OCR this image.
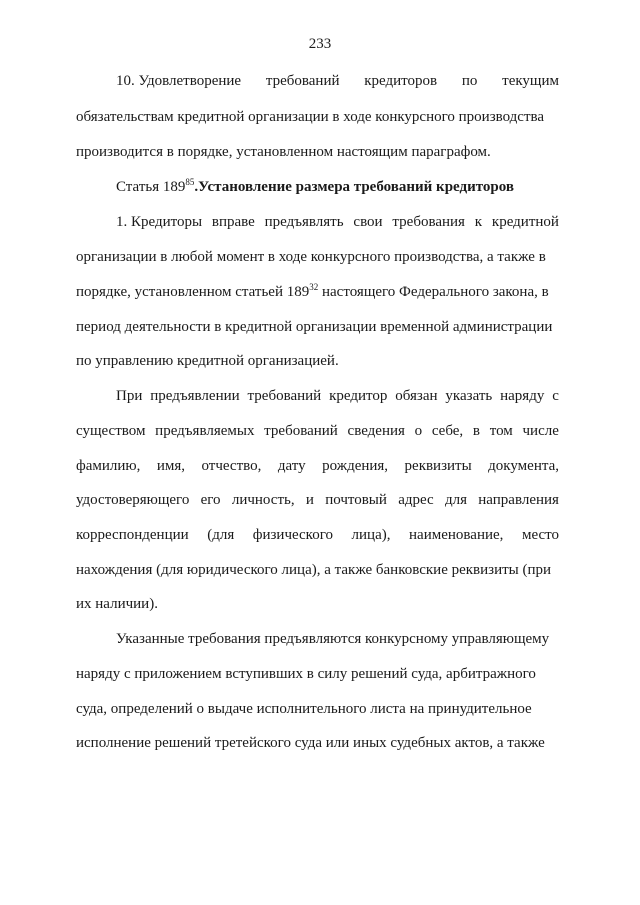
233
10. Удовлетворение требований кредиторов по текущим
обязательствам кредитной организации в ходе конкурсного производства
производится в порядке, установленном настоящим параграфом.
Статья $189^{85}.Установление$ размера требований кредиторов
1. Кредиторы вправе предъявлять свои требования к кредитной
организации в любой момент в ходе конкурсного производства, а также в
порядке, установленном статьей $189^{32}$ настоящего Федерального закона, в
период деятельности в кредитной организации временной администрации
по управлению кредитной организацией.
При предъявлении требований кредитор обязан указать наряду с
существом предъявляемых требований сведения о себе, в том числе
фамилию, имя, отчество, дату рождения, реквизиты документа,
удостоверяющего его личность, и почтовый адрес для направления
корреспонденции (для физического лица), наименование, место
нахождения (для юридического лица), а также банковские реквизиты (при
их наличии).
Указанные требования предъявляются конкурсному управляющему
наряду с приложением вступивших в силу решений суда, арбитражного
суда, определений о выдаче исполнительного листа на принудительное
исполнение решений третейского суда или иных судебных актов, а также
